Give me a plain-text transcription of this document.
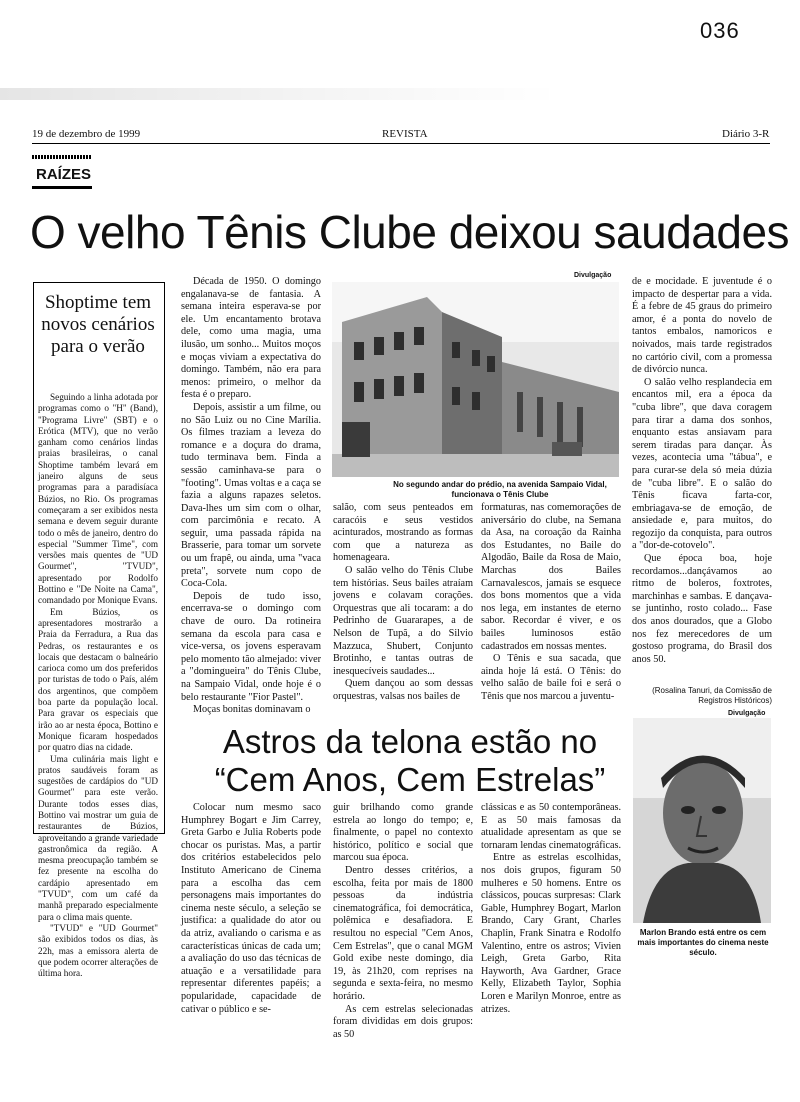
036
19 de dezembro de 1999	REVISTA	Diário 3-R
RAÍZES
O velho Tênis Clube deixou saudades
Shoptime tem novos cenários para o verão

Seguindo a linha adotada por programas como o "H" (Band), "Programa Livre" (SBT) e o Erótica (MTV), que no verão ganham como cenários lindas praias brasileiras, o canal Shoptime também levará em janeiro alguns de seus programas para a paradisíaca Búzios, no Rio. Os programas começaram a ser exibidos nesta semana e devem seguir durante todo o mês de janeiro, dentro do especial "Summer Time", com versões mais quentes de "UD Gourmet", "TVUD", apresentado por Rodolfo Bottino e "De Noite na Cama", comandado por Monique Evans.

Em Búzios, os apresentadores mostrarão a Praia da Ferradura, a Rua das Pedras, os restaurantes e os locais que destacam o balneário carioca como um dos preferidos por turistas de todo o País, além dos argentinos, que compõem boa parte da população local. Para gravar os especiais que irão ao ar nesta época, Bottino e Monique ficaram hospedados por quatro dias na cidade.

Uma culinária mais light e pratos saudáveis foram as sugestões de cardápios do "UD Gourmet" para este verão. Durante todos esses dias, Bottino vai mostrar um guia de restaurantes de Búzios, aproveitando a grande variedade gastronômica da região. A mesma preocupação também se fez presente na escolha do cardápio apresentado em "TVUD", com um café da manhã preparado especialmente para o clima mais quente.

"TVUD" e "UD Gourmet" são exibidos todos os dias, às 22h, mas a emissora alerta de que podem ocorrer alterações de última hora.

Década de 1950. O domingo engalanava-se de fantasia. A semana inteira esperava-se por ele. Um encantamento brotava dele, como uma magia, uma ilusão, um sonho... Muitos moços e moças viviam a expectativa do domingo. Também, não era para menos: primeiro, o melhor da festa é o preparo.

Depois, assistir a um filme, ou no São Luiz ou no Cine Marília. Os filmes traziam a leveza do romance e a doçura do drama, tudo terminava bem. Finda a sessão caminhava-se para o "footing". Umas voltas e a caça se fazia a alguns rapazes seletos. Dava-lhes um sim com o olhar, com parcimônia e recato. A seguir, uma passada rápida na Brasserie, para tomar um sorvete ou um frapê, ou ainda, uma "vaca preta", sorvete num copo de Coca-Cola.

Depois de tudo isso, encerrava-se o domingo com chave de ouro. Da rotineira semana da escola para casa e vice-versa, os jovens esperavam pelo momento tão almejado: viver a "domingueira" do Tênis Clube, na Sampaio Vidal, onde hoje é o belo restaurante "Fior Pastel".

Moças bonitas dominavam o

Divulgação
No segundo andar do prédio, na avenida Sampaio Vidal, funcionava o Tênis Clube

salão, com seus penteados em caracóis e seus vestidos acinturados, mostrando as formas com que a natureza as homenageara.

O salão velho do Tênis Clube tem histórias. Seus bailes atraíam jovens e colavam corações. Orquestras que ali tocaram: a do Pedrinho de Guararapes, a de Nelson de Tupã, a do Silvio Mazzuca, Shubert, Conjunto Brotinho, e tantas outras de inesquecíveis saudades...

Quem dançou ao som dessas orquestras, valsas nos bailes de

formaturas, nas comemorações de aniversário do clube, na Semana da Asa, na coroação da Rainha dos Estudantes, no Baile do Algodão, Baile da Rosa de Maio, Marchas dos Bailes Carnavalescos, jamais se esquece dos bons momentos que a vida nos lega, em instantes de eterno sabor. Recordar é viver, e os bailes luminosos estão cadastrados em nossas mentes.

O Tênis e sua sacada, que ainda hoje lá está. O Tênis: do velho salão de baile foi e será o Tênis que nos marcou a juventu-

de e mocidade. E juventude é o impacto de despertar para a vida. É a febre de 45 graus do primeiro amor, é a ponta do novelo de tantos embalos, namoricos e noivados, mais tarde registrados no cartório civil, com a promessa de divórcio nunca.

O salão velho resplandecia em encantos mil, era a época da "cuba libre", que dava coragem para tirar a dama dos sonhos, enquanto estas ansiavam para serem tiradas para dançar. Às vezes, acontecia uma "tábua", e para curar-se dela só meia dúzia de "cuba libre". E o salão do Tênis ficava farta-cor, embriagava-se de emoção, de ansiedade e, para muitos, do regozijo da conquista, para outros a "dor-de-cotovelo".

Que época boa, hoje recordamos...dançávamos ao ritmo de boleros, foxtrotes, marchinhas e sambas. E dançava-se juntinho, rosto colado... Fase dos anos dourados, que a Globo nos fez merecedores de um gostoso programa, do Brasil dos anos 50.

(Rosalina Tanuri, da Comissão de Registros Históricos)
Astros da telona estão no
“Cem Anos, Cem Estrelas”

Colocar num mesmo saco Humphrey Bogart e Jim Carrey, Greta Garbo e Julia Roberts pode chocar os puristas. Mas, a partir dos critérios estabelecidos pelo Instituto Americano de Cinema para a escolha das cem personagens mais importantes do cinema neste século, a seleção se justifica: a qualidade do ator ou da atriz, avaliando o carisma e as características únicas de cada um; a avaliação do uso das técnicas de atuação e a versatilidade para representar diferentes papéis; a popularidade, capacidade de cativar o público e se-

guir brilhando como grande estrela ao longo do tempo; e, finalmente, o papel no contexto histórico, político e social que marcou sua época.

Dentro desses critérios, a escolha, feita por mais de 1800 pessoas da indústria cinematográfica, foi democrática, polêmica e desafiadora. E resultou no especial "Cem Anos, Cem Estrelas", que o canal MGM Gold exibe neste domingo, dia 19, às 21h20, com reprises na segunda e sexta-feira, no mesmo horário.

As cem estrelas selecionadas foram divididas em dois grupos: as 50

clássicas e as 50 contemporâneas. E as 50 mais famosas da atualidade apresentam as que se tornaram lendas cinematográficas.

Entre as estrelas escolhidas, nos dois grupos, figuram 50 mulheres e 50 homens. Entre os clássicos, poucas surpresas: Clark Gable, Humphrey Bogart, Marlon Brando, Cary Grant, Charles Chaplin, Frank Sinatra e Rodolfo Valentino, entre os astros; Vivien Leigh, Greta Garbo, Rita Hayworth, Ava Gardner, Grace Kelly, Elizabeth Taylor, Sophia Loren e Marilyn Monroe, entre as atrizes.

Divulgação
Marlon Brando está entre os cem mais importantes do cinema neste século.
